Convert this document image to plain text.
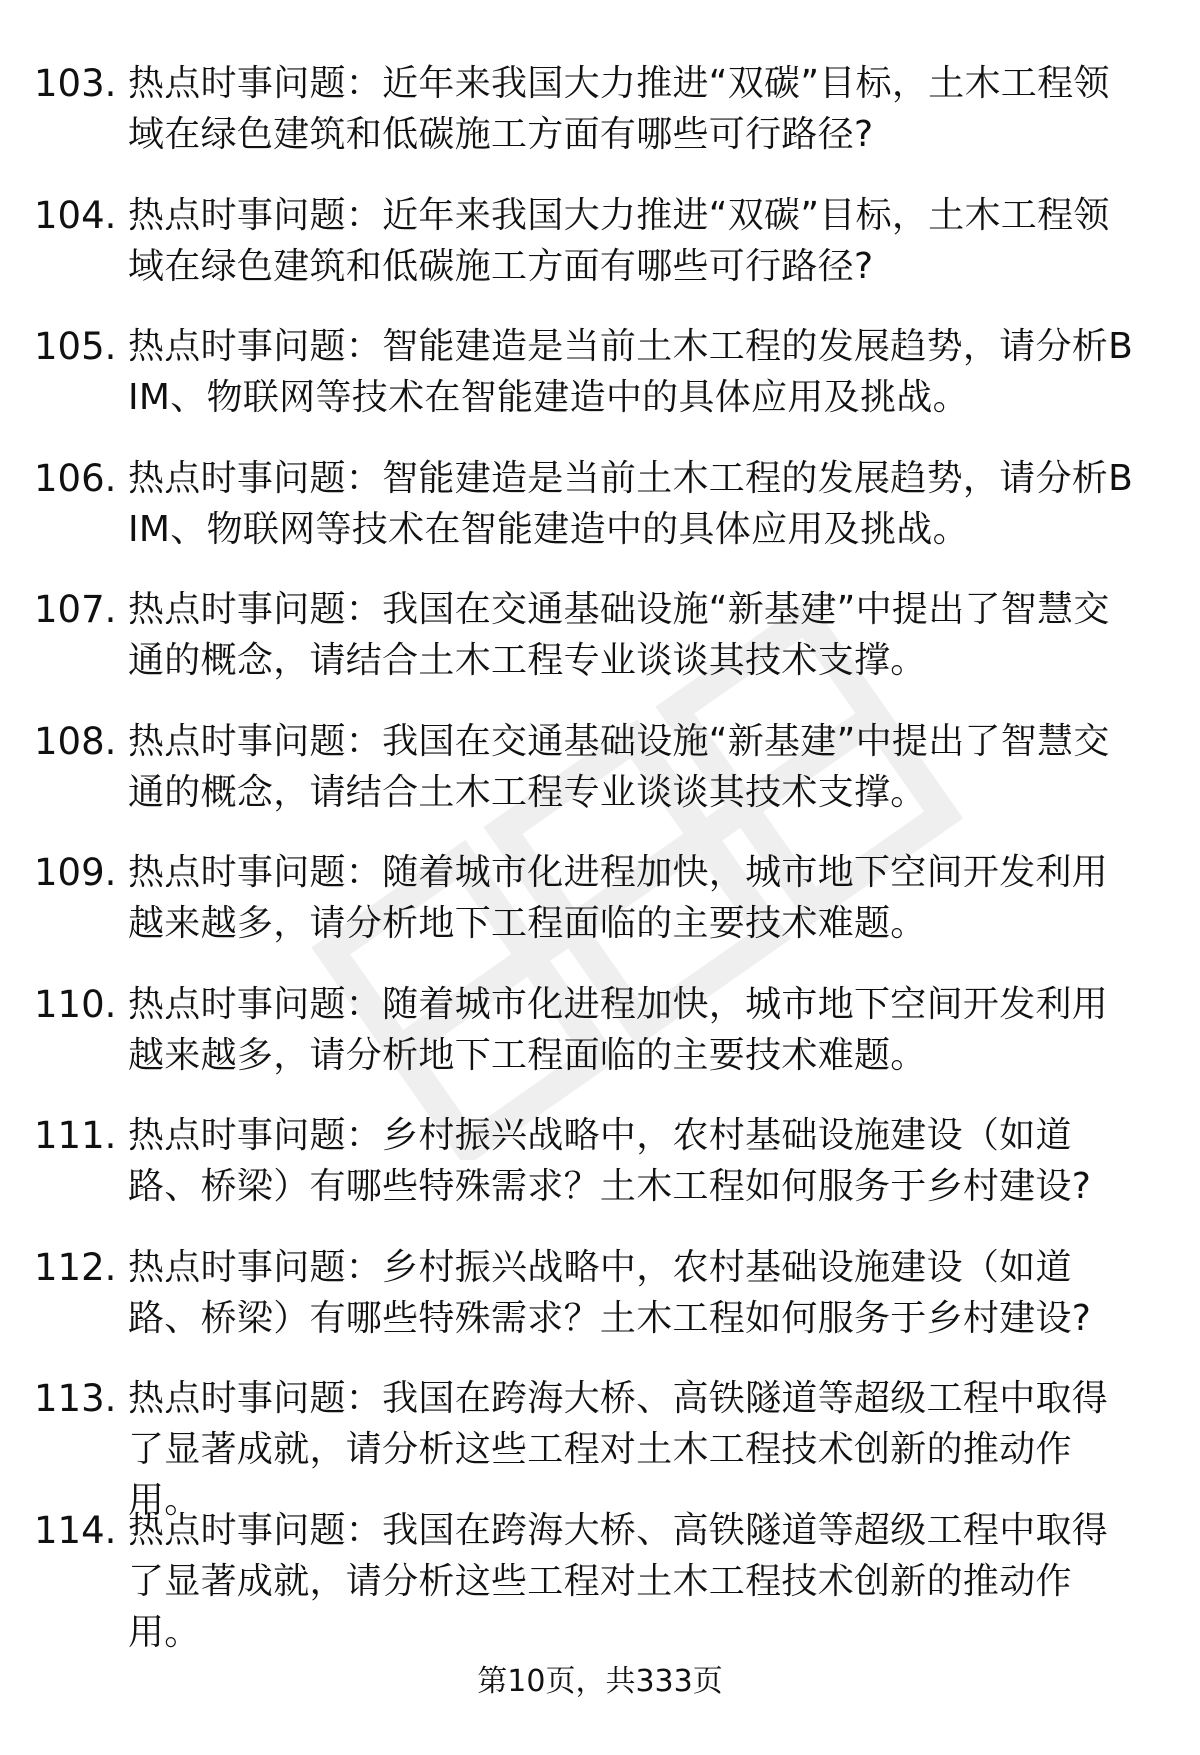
103. 热点时事问题：近年来我国大力推进“双碳”目标，土木工程领域在绿色建筑和低碳施工方面有哪些可行路径?
104. 热点时事问题：近年来我国大力推进“双碳”目标，土木工程领域在绿色建筑和低碳施工方面有哪些可行路径?
105. 热点时事问题：智能建造是当前土木工程的发展趋势，请分析BIM、物联网等技术在智能建造中的具体应用及挑战。
106. 热点时事问题：智能建造是当前土木工程的发展趋势，请分析BIM、物联网等技术在智能建造中的具体应用及挑战。
107. 热点时事问题：我国在交通基础设施“新基建”中提出了智慧交通的概念，请结合土木工程专业谈谈其技术支撑。
108. 热点时事问题：我国在交通基础设施“新基建”中提出了智慧交通的概念，请结合土木工程专业谈谈其技术支撑。
109. 热点时事问题：随着城市化进程加快，城市地下空间开发利用越来越多，请分析地下工程面临的主要技术难题。
110. 热点时事问题：随着城市化进程加快，城市地下空间开发利用越来越多，请分析地下工程面临的主要技术难题。
111. 热点时事问题：乡村振兴战略中，农村基础设施建设（如道路、桥梁）有哪些特殊需求？土木工程如何服务于乡村建设?
112. 热点时事问题：乡村振兴战略中，农村基础设施建设（如道路、桥梁）有哪些特殊需求？土木工程如何服务于乡村建设?
113. 热点时事问题：我国在跨海大桥、高铁隧道等超级工程中取得了显著成就，请分析这些工程对土木工程技术创新的推动作用。
114. 热点时事问题：我国在跨海大桥、高铁隧道等超级工程中取得了显著成就，请分析这些工程对土木工程技术创新的推动作用。
第10页，共333页
